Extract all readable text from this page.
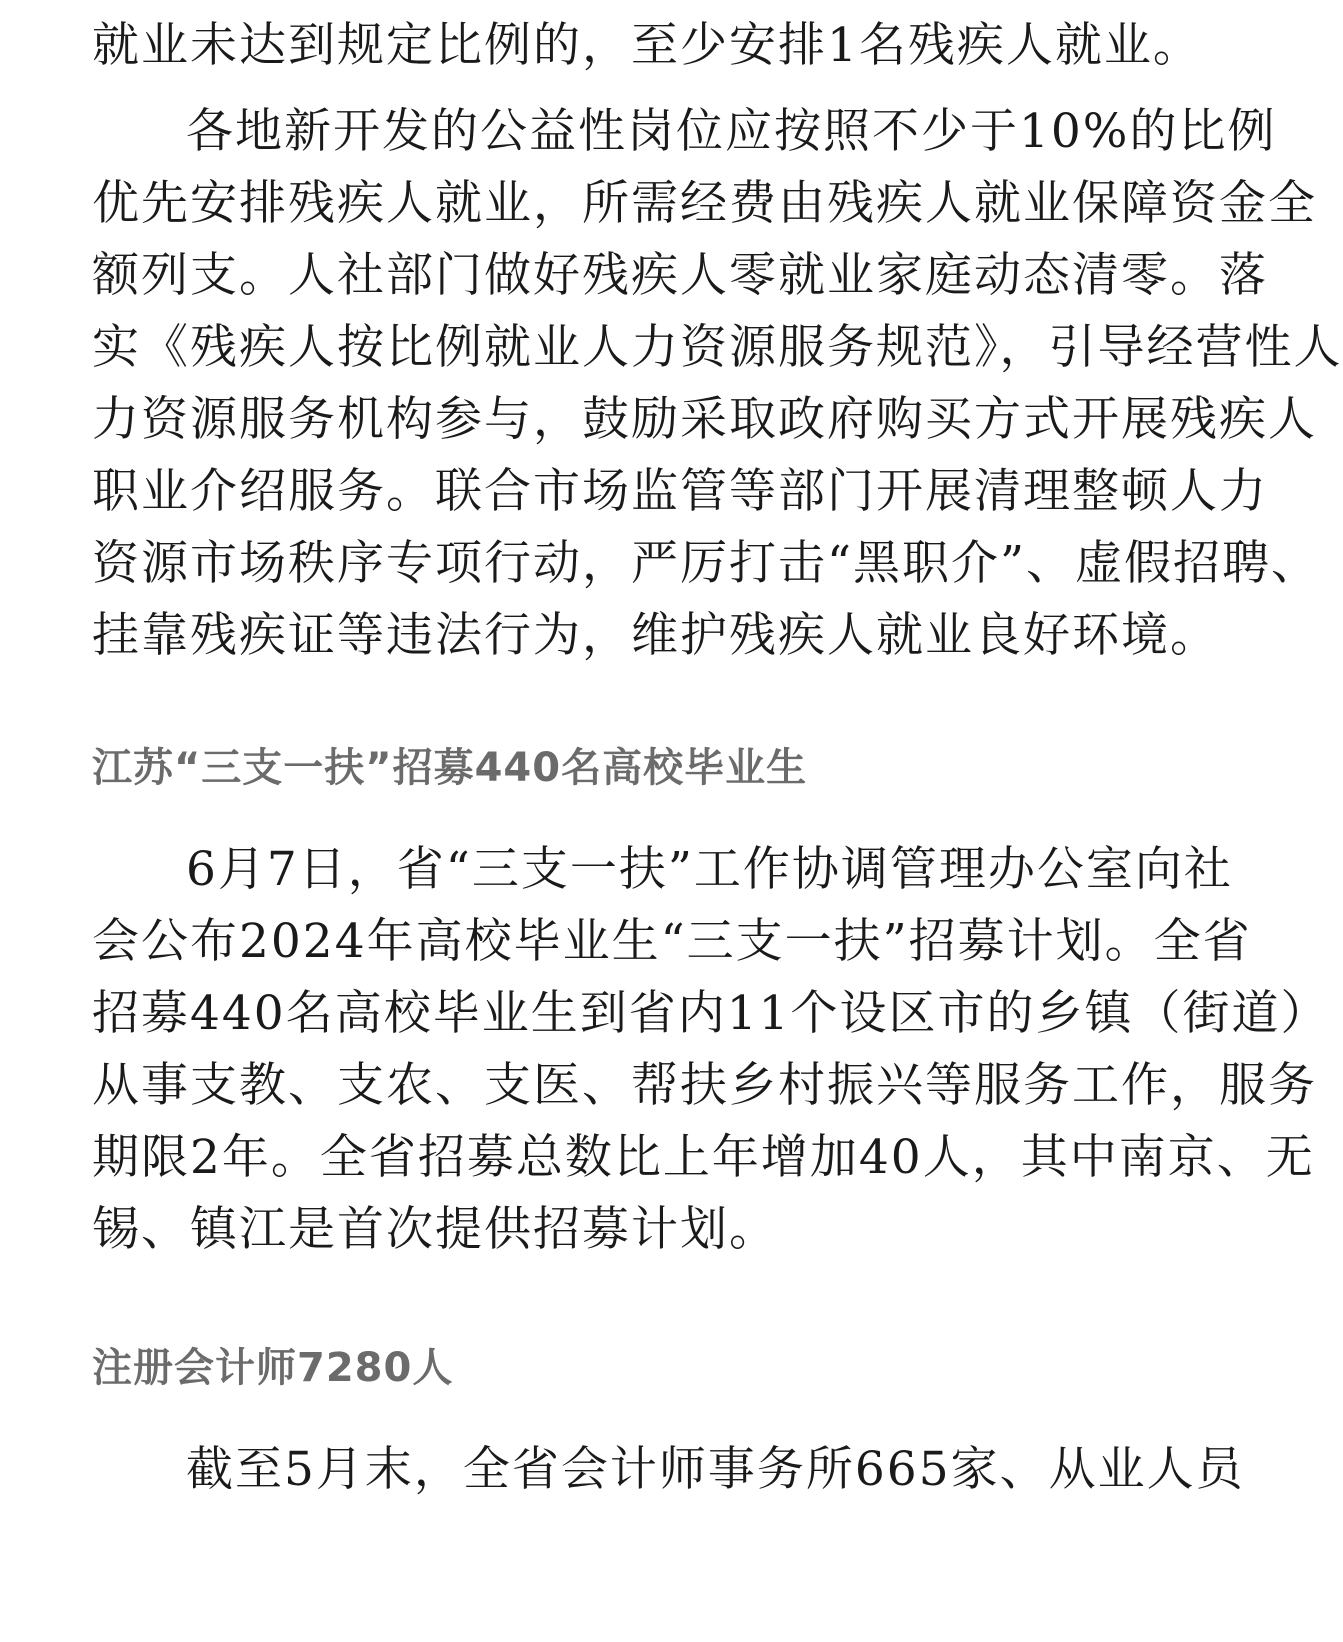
就业未达到规定比例的，至少安排1名残疾人就业。
各地新开发的公益性岗位应按照不少于10%的比例
优先安排残疾人就业，所需经费由残疾人就业保障资金全
额列支。人社部门做好残疾人零就业家庭动态清零。落
实《残疾人按比例就业人力资源服务规范》，引导经营性人
力资源服务机构参与，鼓励采取政府购买方式开展残疾人
职业介绍服务。联合市场监管等部门开展清理整顿人力
资源市场秩序专项行动，严厉打击“黑职介”、虚假招聘、
挂靠残疾证等违法行为，维护残疾人就业良好环境。
江苏“三支一扶”招募440名高校毕业生
6月7日，省“三支一扶”工作协调管理办公室向社
会公布2024年高校毕业生“三支一扶”招募计划。全省
招募440名高校毕业生到省内11个设区市的乡镇（街道）
从事支教、支农、支医、帮扶乡村振兴等服务工作，服务
期限2年。全省招募总数比上年增加40人，其中南京、无
锡、镇江是首次提供招募计划。
注册会计师7280人
截至5月末，全省会计师事务所665家、从业人员
